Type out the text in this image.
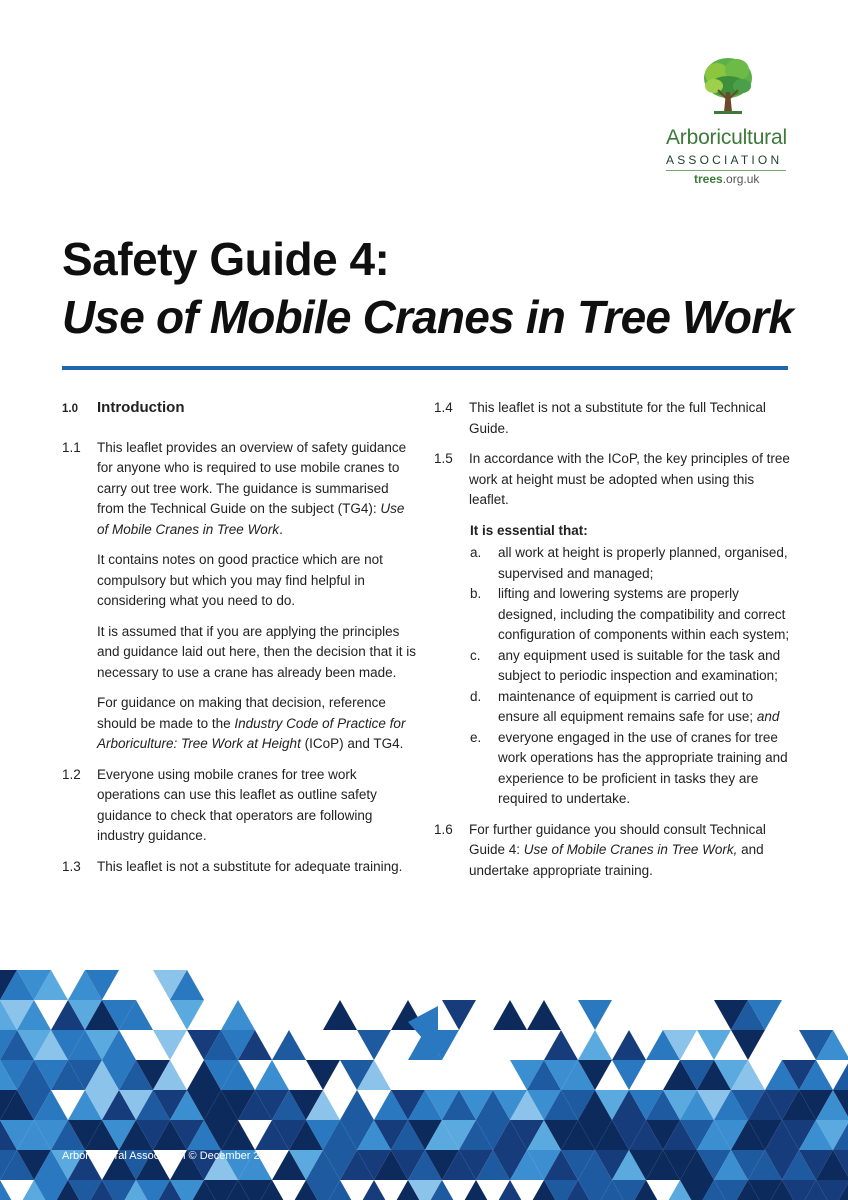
Arboricultural
ASSOCIATION
trees.org.uk
Safety Guide 4:
Use of Mobile Cranes in Tree Work
1.0	Introduction
1.1	This leaflet provides an overview of safety guidance for anyone who is required to use mobile cranes to carry out tree work. The guidance is summarised from the Technical Guide on the subject (TG4): Use of Mobile Cranes in Tree Work.

It contains notes on good practice which are not compulsory but which you may find helpful in considering what you need to do.

It is assumed that if you are applying the principles and guidance laid out here, then the decision that it is necessary to use a crane has already been made.

For guidance on making that decision, reference should be made to the Industry Code of Practice for Arboriculture: Tree Work at Height (ICoP) and TG4.

1.2	Everyone using mobile cranes for tree work operations can use this leaflet as outline safety guidance to check that operators are following industry guidance.
1.3	This leaflet is not a substitute for adequate training.
1.4	This leaflet is not a substitute for the full Technical Guide.
1.5	In accordance with the ICoP, the key principles of tree work at height must be adopted when using this leaflet.
It is essential that:
a.	all work at height is properly planned, organised, supervised and managed;
b.	lifting and lowering systems are properly designed, including the compatibility and correct configuration of components within each system;
c.	any equipment used is suitable for the task and subject to periodic inspection and examination;
d.	maintenance of equipment is carried out to ensure all equipment remains safe for use; and
e.	everyone engaged in the use of cranes for tree work operations has the appropriate training and experience to be proficient in tasks they are required to undertake.
1.6	For further guidance you should consult Technical Guide 4: Use of Mobile Cranes in Tree Work, and undertake appropriate training.
Arboricultural Association © December 2020.
